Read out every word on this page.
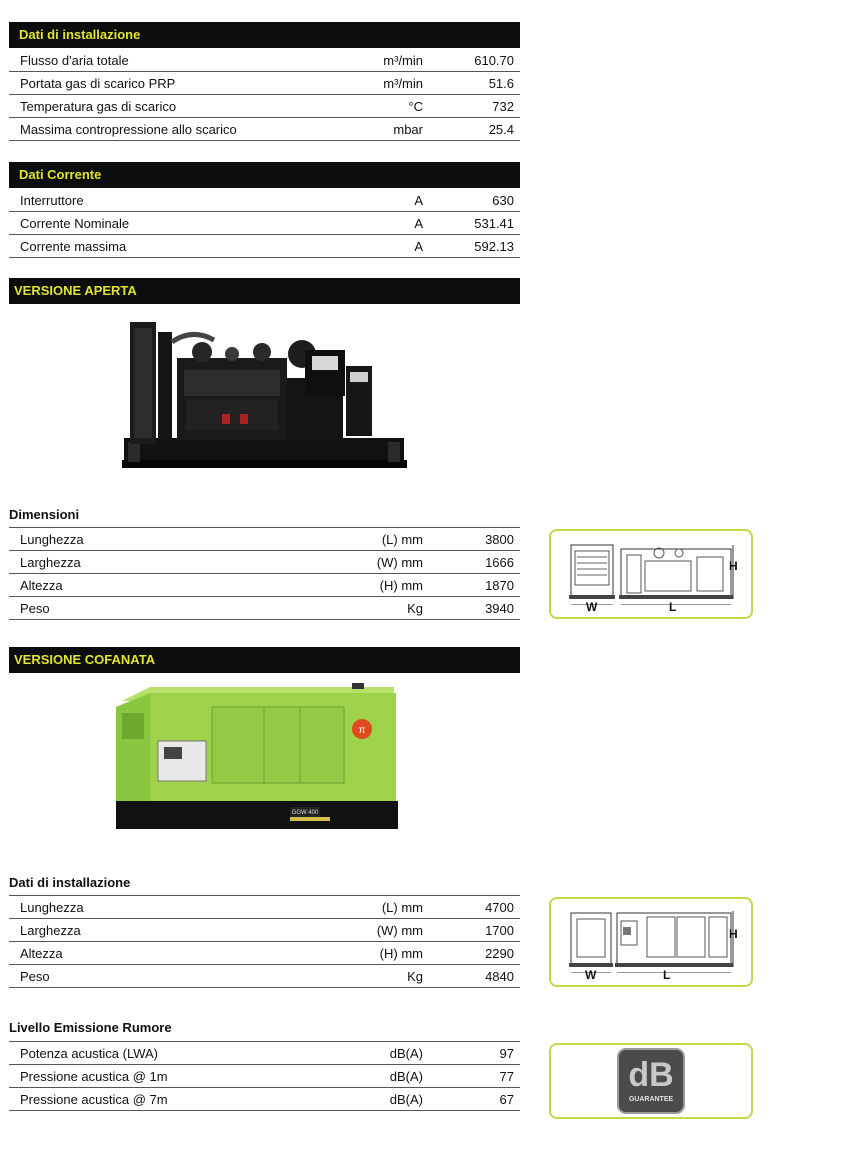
Dati di installazione
Flusso d'aria totale	m³/min	610.70
Portata gas di scarico PRP	m³/min	51.6
Temperatura gas di scarico	°C	732
Massima contropressione allo scarico	mbar	25.4
Dati Corrente
Interruttore	A	630
Corrente Nominale	A	531.41
Corrente massima	A	592.13
VERSIONE APERTA
Dimensioni
Lunghezza	(L) mm	3800
Larghezza	(W) mm	1666
Altezza	(H) mm	1870
Peso	Kg	3940
H
W	L
VERSIONE COFANATA
π
GGW 400
Dati di installazione
Lunghezza	(L) mm	4700
Larghezza	(W) mm	1700
Altezza	(H) mm	2290
Peso	Kg	4840
H
W	L
Livello Emissione Rumore
Potenza acustica (LWA)	dB(A)	97
Pressione acustica @ 1m	dB(A)	77
Pressione acustica @ 7m	dB(A)	67
dB
GUARANTEE
